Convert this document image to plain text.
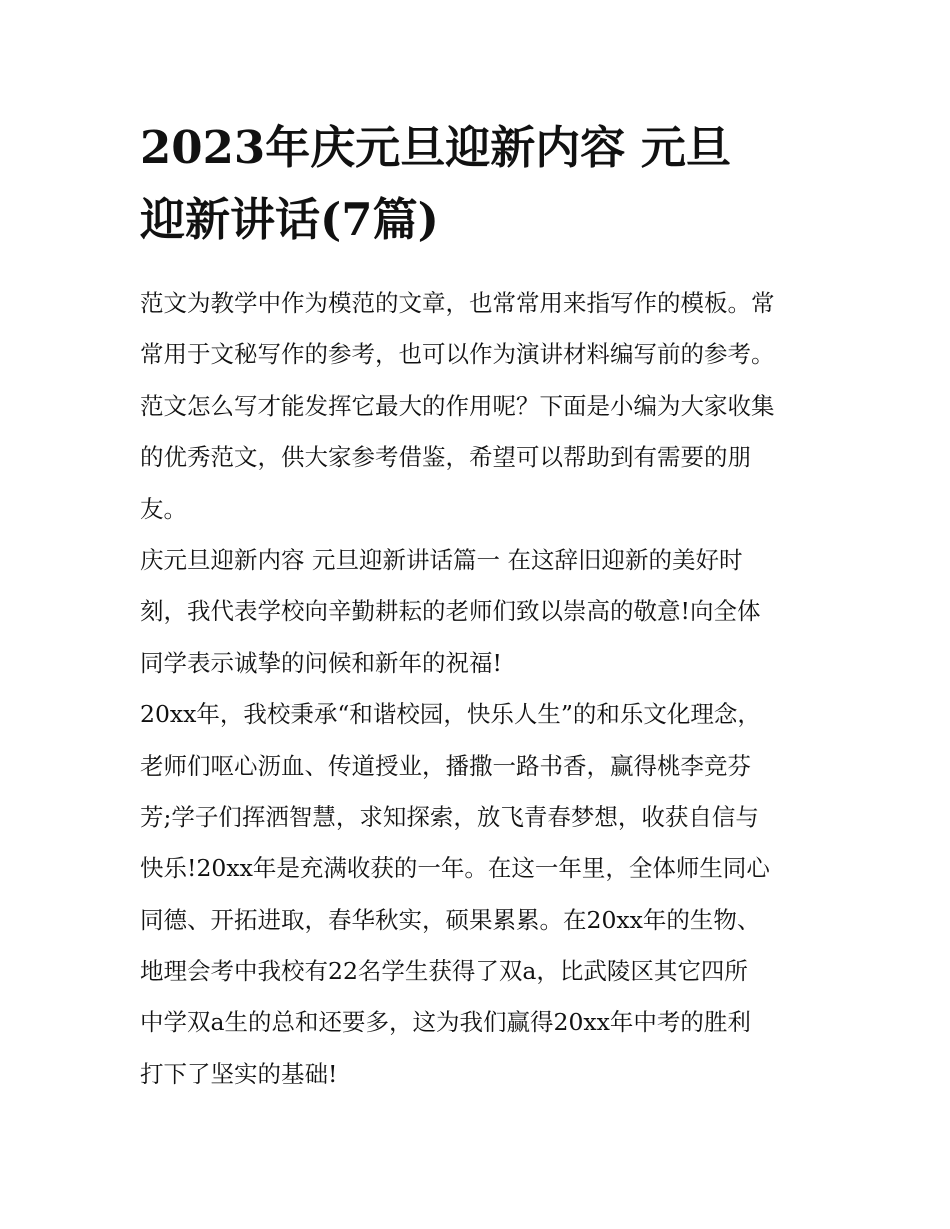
2023年庆元旦迎新内容 元旦
迎新讲话(7篇)
范文为教学中作为模范的文章，也常常用来指写作的模板。常
常用于文秘写作的参考，也可以作为演讲材料编写前的参考。
范文怎么写才能发挥它最大的作用呢？下面是小编为大家收集
的优秀范文，供大家参考借鉴，希望可以帮助到有需要的朋
友。
庆元旦迎新内容 元旦迎新讲话篇一 在这辞旧迎新的美好时
刻，我代表学校向辛勤耕耘的老师们致以崇高的敬意!向全体
同学表示诚挚的问候和新年的祝福!
20xx年，我校秉承“和谐校园，快乐人生”的和乐文化理念，
老师们呕心沥血、传道授业，播撒一路书香，赢得桃李竞芬
芳;学子们挥洒智慧，求知探索，放飞青春梦想，收获自信与
快乐!20xx年是充满收获的一年。在这一年里，全体师生同心
同德、开拓进取，春华秋实，硕果累累。在20xx年的生物、
地理会考中我校有22名学生获得了双a，比武陵区其它四所
中学双a生的总和还要多，这为我们赢得20xx年中考的胜利
打下了坚实的基础!
